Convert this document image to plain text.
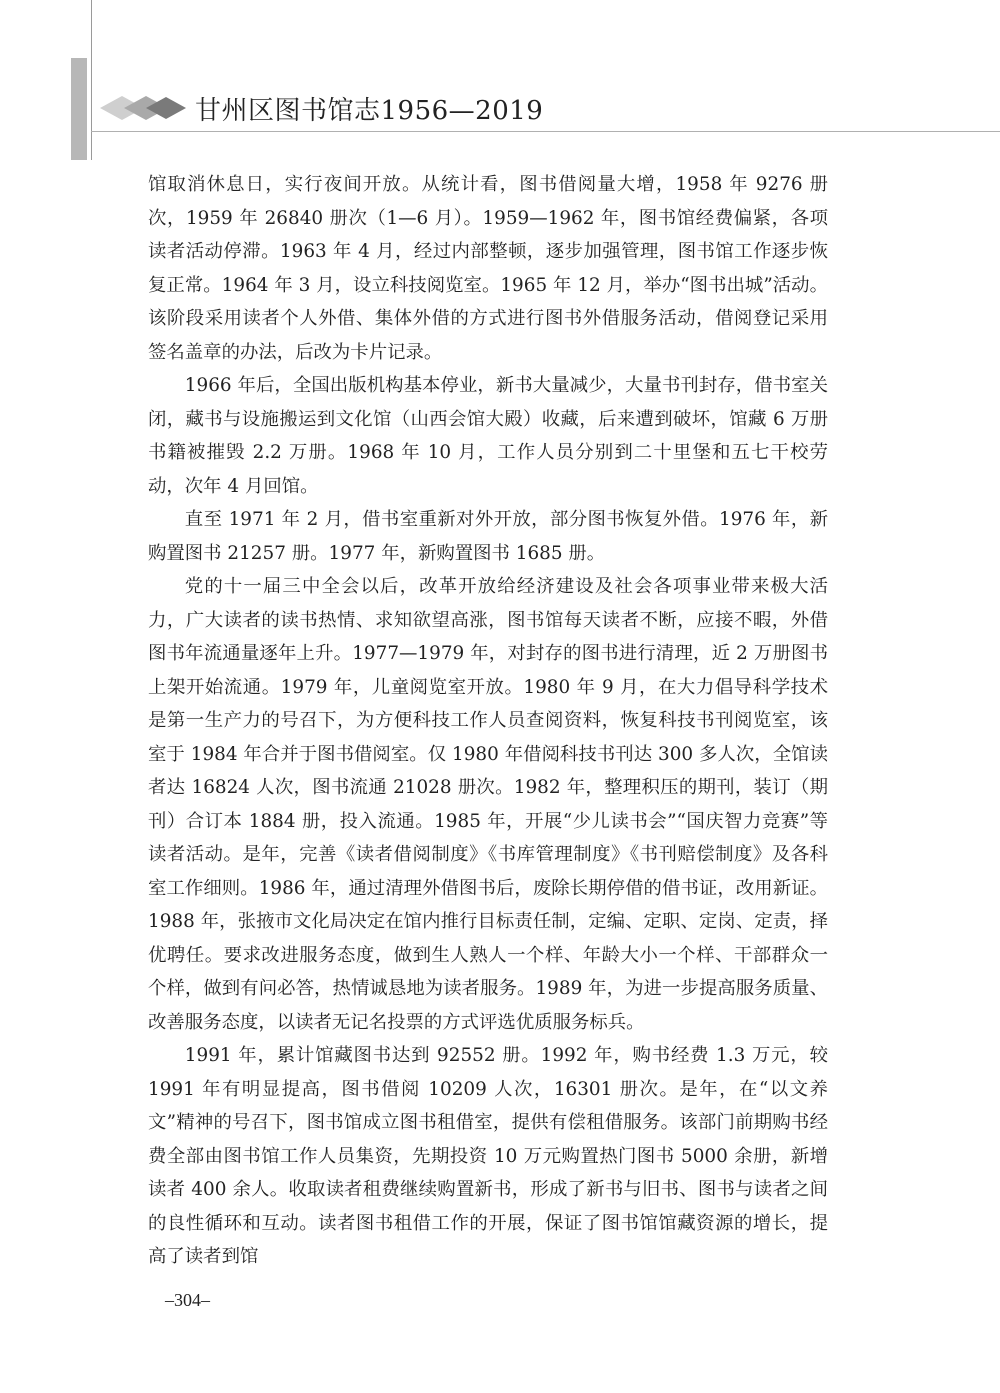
甘州区图书馆志1956—2019

馆取消休息日，实行夜间开放。从统计看，图书借阅量大增，1958 年 9276 册次，1959 年 26840 册次（1—6 月）。1959—1962 年，图书馆经费偏紧，各项读者活动停滞。1963 年 4 月，经过内部整顿，逐步加强管理，图书馆工作逐步恢复正常。1964 年 3 月，设立科技阅览室。1965 年 12 月，举办“图书出城”活动。该阶段采用读者个人外借、集体外借的方式进行图书外借服务活动，借阅登记采用签名盖章的办法，后改为卡片记录。

1966 年后，全国出版机构基本停业，新书大量减少，大量书刊封存，借书室关闭，藏书与设施搬运到文化馆（山西会馆大殿）收藏，后来遭到破坏，馆藏 6 万册书籍被摧毁 2.2 万册。1968 年 10 月，工作人员分别到二十里堡和五七干校劳动，次年 4 月回馆。

直至 1971 年 2 月，借书室重新对外开放，部分图书恢复外借。1976 年，新购置图书 21257 册。1977 年，新购置图书 1685 册。

党的十一届三中全会以后，改革开放给经济建设及社会各项事业带来极大活力，广大读者的读书热情、求知欲望高涨，图书馆每天读者不断，应接不暇，外借图书年流通量逐年上升。1977—1979 年，对封存的图书进行清理，近 2 万册图书上架开始流通。1979 年，儿童阅览室开放。1980 年 9 月，在大力倡导科学技术是第一生产力的号召下，为方便科技工作人员查阅资料，恢复科技书刊阅览室，该室于 1984 年合并于图书借阅室。仅 1980 年借阅科技书刊达 300 多人次，全馆读者达 16824 人次，图书流通 21028 册次。1982 年，整理积压的期刊，装订（期刊）合订本 1884 册，投入流通。1985 年，开展“少儿读书会”“国庆智力竞赛”等读者活动。是年，完善《读者借阅制度》《书库管理制度》《书刊赔偿制度》及各科室工作细则。1986 年，通过清理外借图书后，废除长期停借的借书证，改用新证。1988 年，张掖市文化局决定在馆内推行目标责任制，定编、定职、定岗、定责，择优聘任。要求改进服务态度，做到生人熟人一个样、年龄大小一个样、干部群众一个样，做到有问必答，热情诚恳地为读者服务。1989 年，为进一步提高服务质量、改善服务态度，以读者无记名投票的方式评选优质服务标兵。

1991 年，累计馆藏图书达到 92552 册。1992 年，购书经费 1.3 万元，较 1991 年有明显提高，图书借阅 10209 人次，16301 册次。是年，在“以文养文”精神的号召下，图书馆成立图书租借室，提供有偿租借服务。该部门前期购书经费全部由图书馆工作人员集资，先期投资 10 万元购置热门图书 5000 余册，新增读者 400 余人。收取读者租费继续购置新书，形成了新书与旧书、图书与读者之间的良性循环和互动。读者图书租借工作的开展，保证了图书馆馆藏资源的增长，提高了读者到馆

–304–
